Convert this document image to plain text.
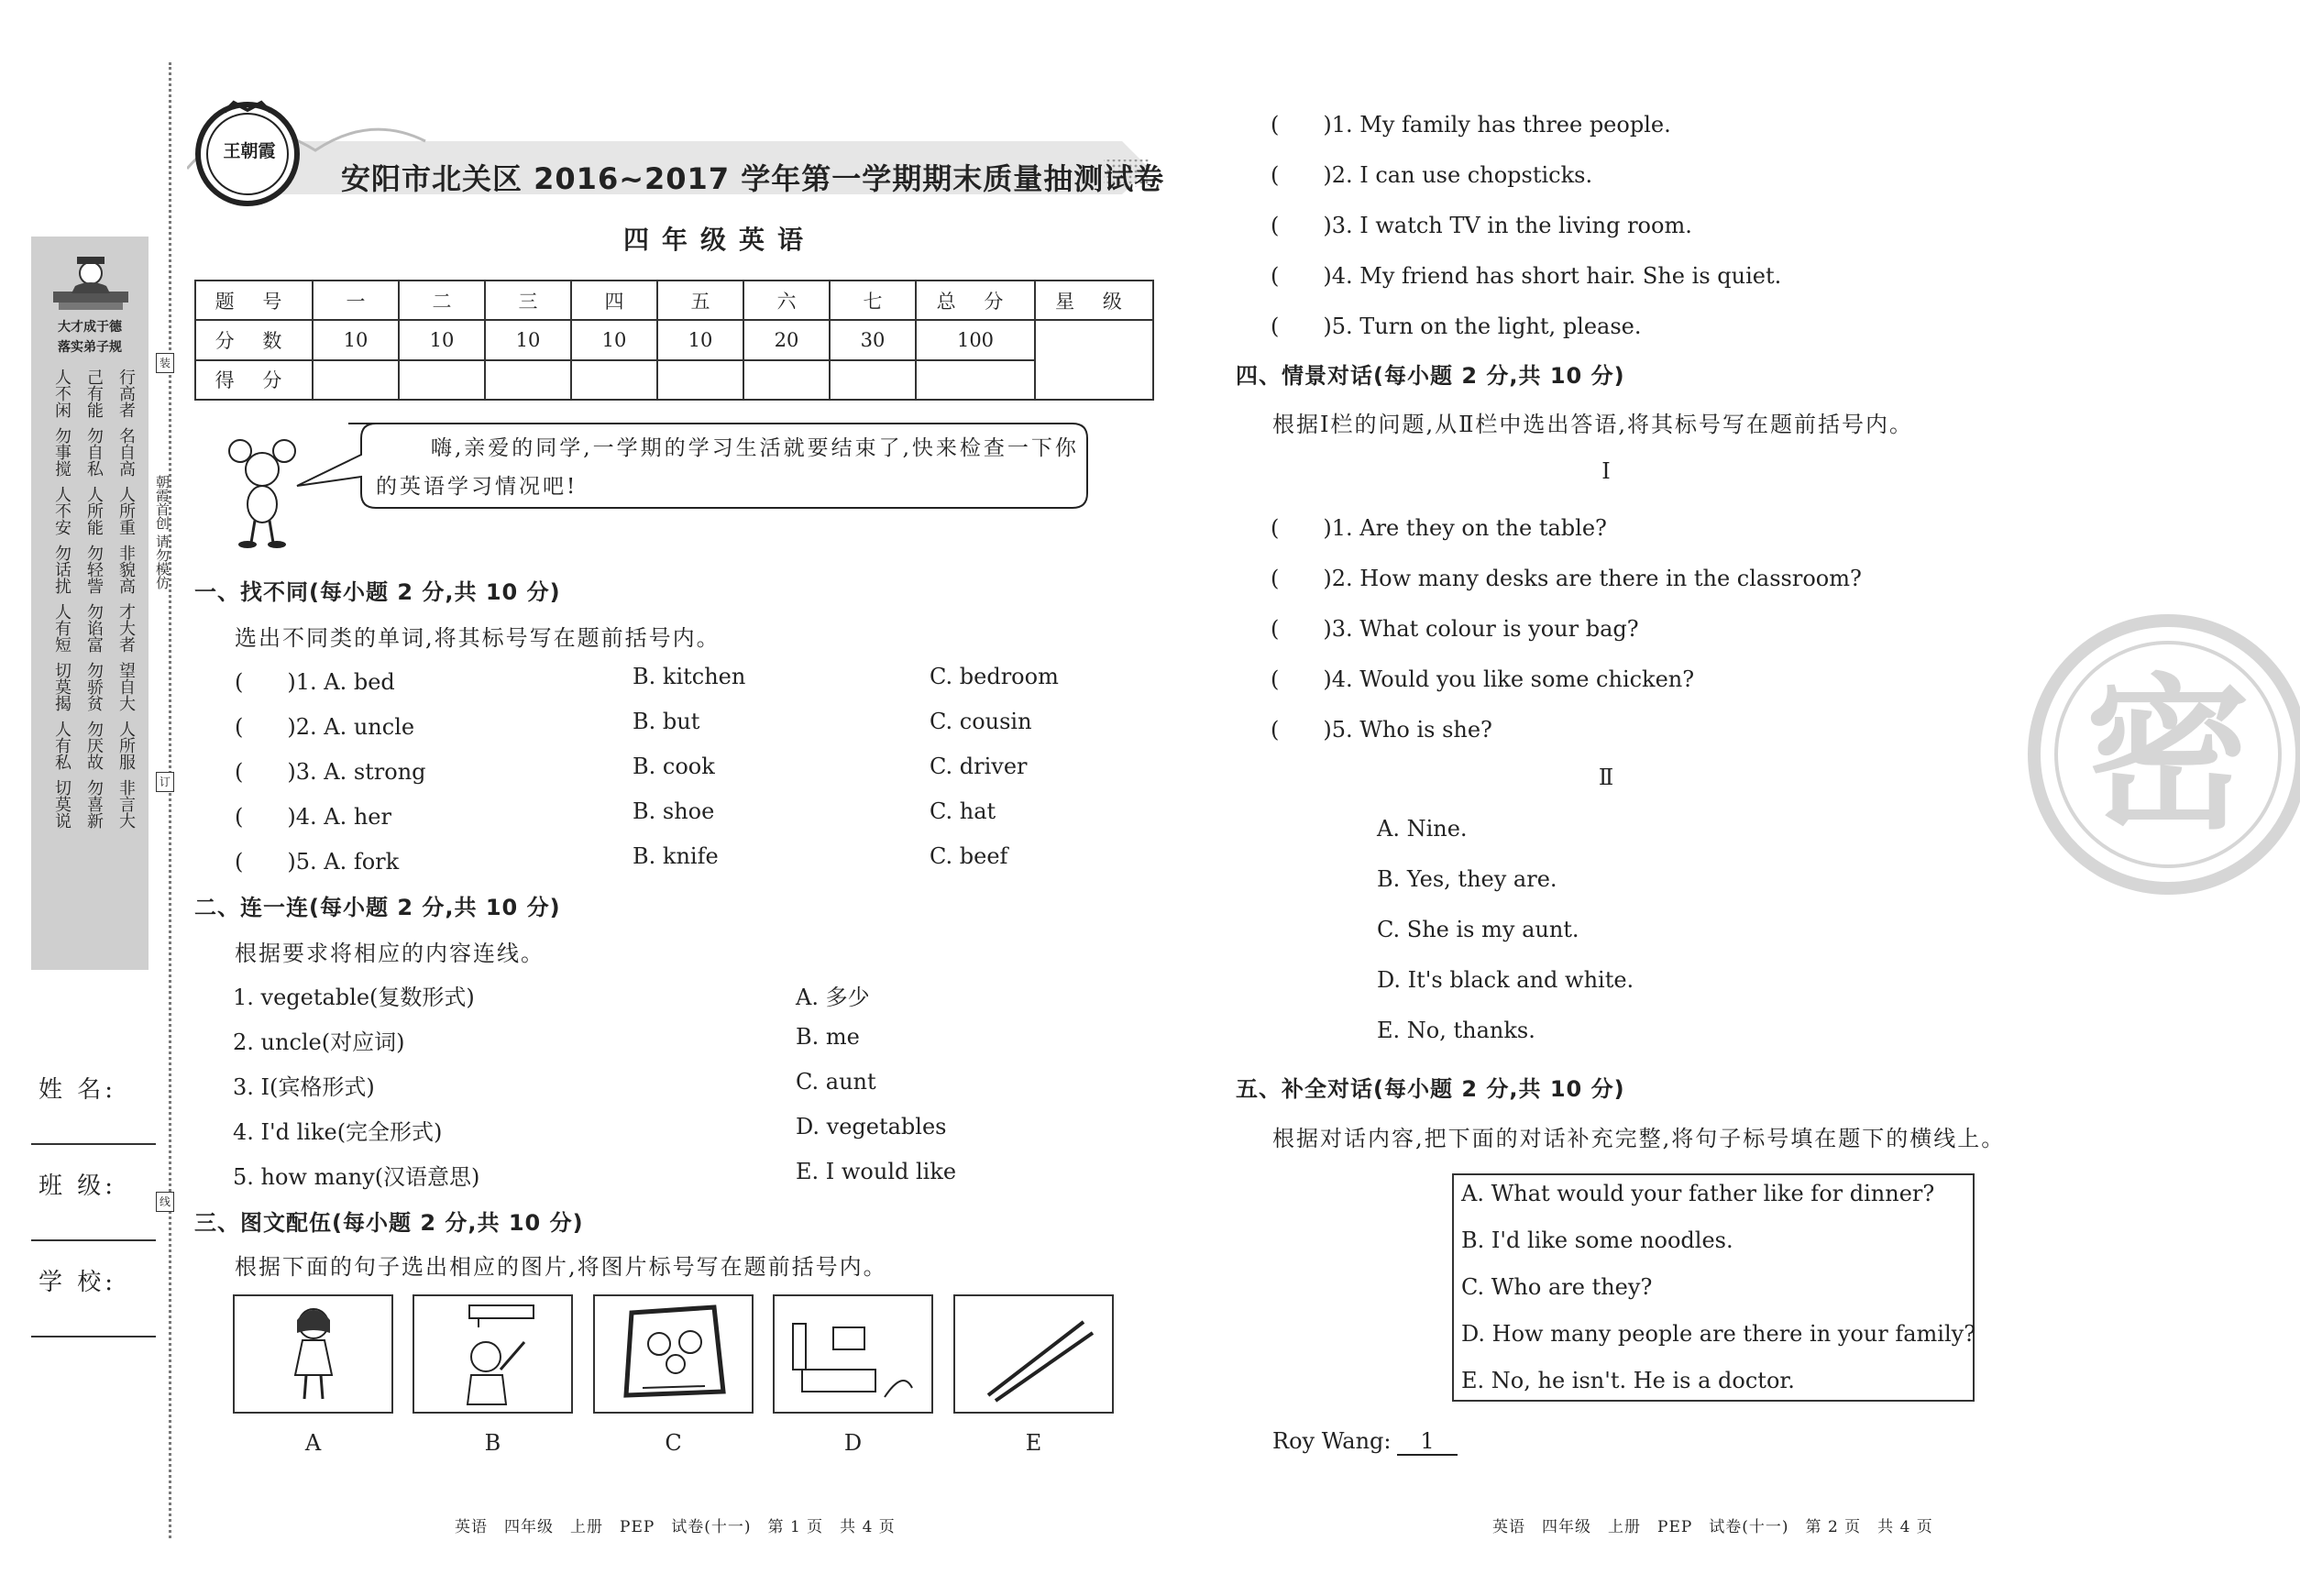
大才成于德
落实弟子规
人不闲 己有能 行高者
勿事搅 勿自私 名自高
人不安 人所能 人所重
勿话扰 勿轻訾 非貌高
人有短 勿谄富 才大者
切莫揭 勿骄贫 望自大
人有私 勿厌故 人所服
切莫说 勿喜新 非言大
装
订
线
朝霞首创 请勿模仿
姓 名:
班 级:
学 校:
王朝霞
安阳市北关区 2016~2017 学年第一学期期末质量抽测试卷
四年级英语
题 号	一	二	三	四	五	六	七	总 分	星 级
分 数	10	10	10	10	10	20	30	100	
得 分									
嗨,亲爱的同学,一学期的学习生活就要结束了,快来检查一下你的英语学习情况吧!
一、找不同(每小题 2 分,共 10 分)
选出不同类的单词,将其标号写在题前括号内。
(　　)1. A. bed	B. kitchen	C. bedroom
(　　)2. A. uncle	B. but	C. cousin
(　　)3. A. strong	B. cook	C. driver
(　　)4. A. her	B. shoe	C. hat
(　　)5. A. fork	B. knife	C. beef
二、连一连(每小题 2 分,共 10 分)
根据要求将相应的内容连线。
1. vegetable(复数形式)
2. uncle(对应词)
3. I(宾格形式)
4. I'd like(完全形式)
5. how many(汉语意思)
A. 多少
B. me
C. aunt
D. vegetables
E. I would like
三、图文配伍(每小题 2 分,共 10 分)
根据下面的句子选出相应的图片,将图片标号写在题前括号内。
A	B	C	D	E
英语　四年级　上册　PEP　试卷(十一)　第 1 页　共 4 页
(　　)1. My family has three people.
(　　)2. I can use chopsticks.
(　　)3. I watch TV in the living room.
(　　)4. My friend has short hair. She is quiet.
(　　)5. Turn on the light, please.
四、情景对话(每小题 2 分,共 10 分)
根据Ⅰ栏的问题,从Ⅱ栏中选出答语,将其标号写在题前括号内。
Ⅰ
(　　)1. Are they on the table?
(　　)2. How many desks are there in the classroom?
(　　)3. What colour is your bag?
(　　)4. Would you like some chicken?
(　　)5. Who is she?
Ⅱ
A. Nine.
B. Yes, they are.
C. She is my aunt.
D. It's black and white.
E. No, thanks.
五、补全对话(每小题 2 分,共 10 分)
根据对话内容,把下面的对话补充完整,将句子标号填在题下的横线上。
A. What would your father like for dinner?
B. I'd like some noodles.
C. Who are they?
D. How many people are there in your family?
E. No, he isn't. He is a doctor.
Roy Wang:	1
英语　四年级　上册　PEP　试卷(十一)　第 2 页　共 4 页
密
